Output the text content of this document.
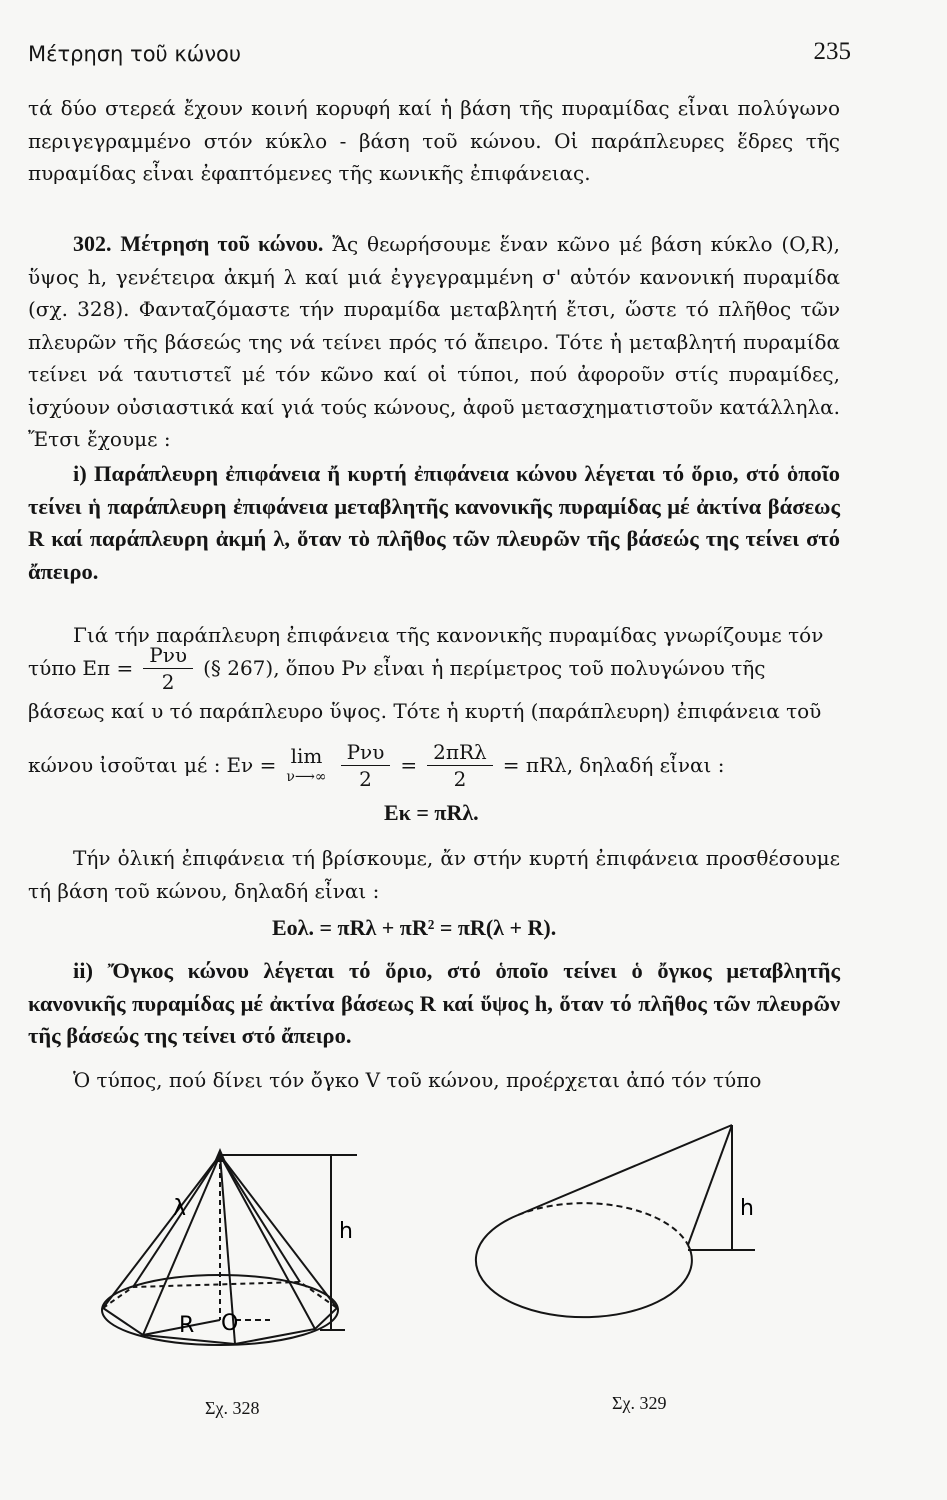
Μέτρηση τοῦ κώνου	235
τά δύο στερεά ἔχουν κοινή κορυφή καί ἡ βάση τῆς πυραμίδας εἶναι πολύγωνο περιγεγραμμένο στόν κύκλο - βάση τοῦ κώνου. Οἱ παράπλευρες ἕδρες τῆς πυραμίδας εἶναι ἐφαπτόμενες τῆς κωνικῆς ἐπιφάνειας.
302. Μέτρηση τοῦ κώνου. Ἄς θεωρήσουμε ἕναν κῶνο μέ βάση κύκλο (O,R), ὕψος h, γενέτειρα ἀκμή λ καί μιά ἐγγεγραμμένη σ' αὐτόν κανονική πυραμίδα (σχ. 328). Φανταζόμαστε τήν πυραμίδα μεταβλητή ἔτσι, ὥστε τό πλῆθος τῶν πλευρῶν τῆς βάσεώς της νά τείνει πρός τό ἄπειρο. Τότε ἡ μεταβλητή πυραμίδα τείνει νά ταυτιστεῖ μέ τόν κῶνο καί οἱ τύποι, πού ἀφοροῦν στίς πυραμίδες, ἰσχύουν οὐσιαστικά καί γιά τούς κώνους, ἀφοῦ μετασχηματιστοῦν κατάλληλα. Ἔτσι ἔχουμε :
i) Παράπλευρη ἐπιφάνεια ἤ κυρτή ἐπιφάνεια κώνου λέγεται τό ὅριο, στό ὁποῖο τείνει ἡ παράπλευρη ἐπιφάνεια μεταβλητῆς κανονικῆς πυραμίδας μέ ἀκτίνα βάσεως R καί παράπλευρη ἀκμή λ, ὅταν τὸ πλῆθος τῶν πλευρῶν τῆς βάσεώς της τείνει στό ἄπειρο.
Γιά τήν παράπλευρη ἐπιφάνεια τῆς κανονικῆς πυραμίδας γνωρίζουμε τόν
τύπο $E\pi = \frac{\text{Pνυ}}{2}$ (§ 267), ὅπου Pν εἶναι ἡ περίμετρος τοῦ πολυγώνου τῆς
βάσεως καί υ τό παράπλευρο ὕψος. Τότε ἡ κυρτή (παράπλευρη) ἐπιφάνεια τοῦ
κώνου ἰσοῦται μέ : Eν = lim
ν⟶∞ $\frac{\text{Pνυ}}{2} = \frac{\text{2πRλ}}{2} = \pi R\lambda$, δηλαδή εἶναι :
Eκ = πRλ.
Τήν ὁλική ἐπιφάνεια τή βρίσκουμε, ἄν στήν κυρτή ἐπιφάνεια προσθέσουμε τή βάση τοῦ κώνου, δηλαδή εἶναι :
Eολ. = πRλ + πR² = πR(λ + R).
ii) Ὄγκος κώνου λέγεται τό ὅριο, στό ὁποῖο τείνει ὁ ὄγκος μεταβλητῆς κανονικῆς πυραμίδας μέ ἀκτίνα βάσεως R καί ὕψος h, ὅταν τό πλῆθος τῶν πλευρῶν τῆς βάσεώς της τείνει στό ἄπειρο.
Ὁ τύπος, πού δίνει τόν ὄγκο V τοῦ κώνου, προέρχεται ἀπό τόν τύπο
λ
h
R O
h
Σχ. 328	Σχ. 329
